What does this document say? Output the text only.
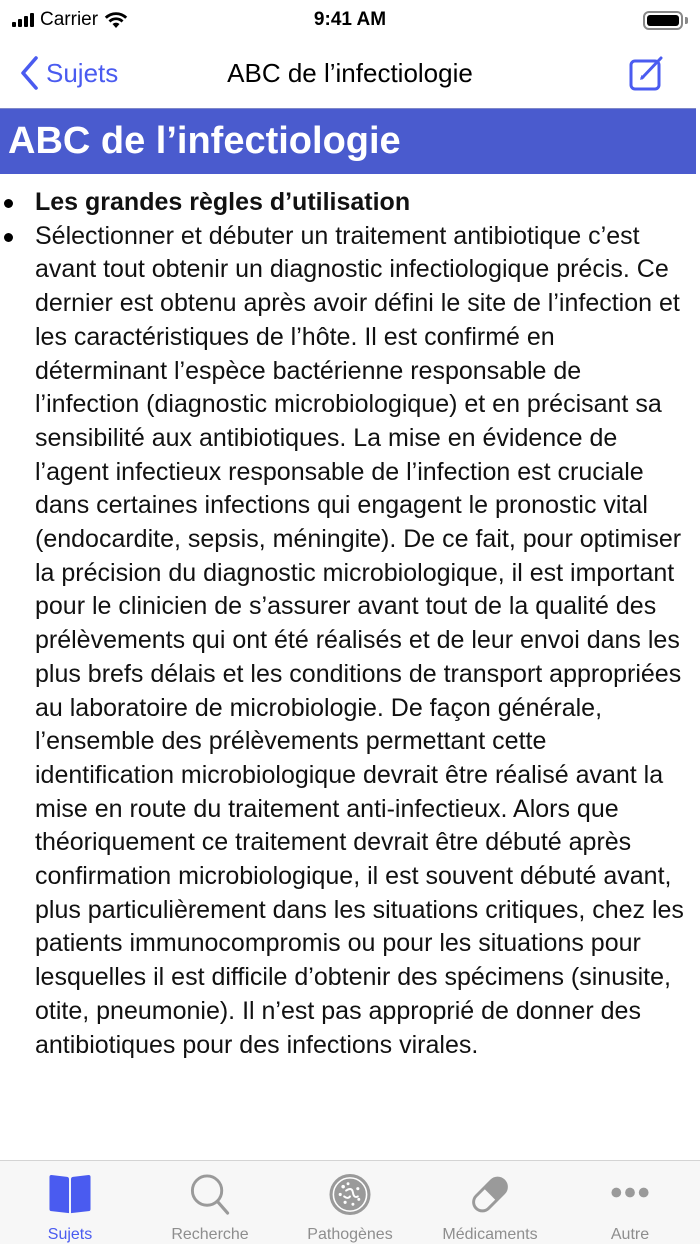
Carrier	9:41 AM
Sujets	ABC de l’infectiologie
ABC de l’infectiologie
Les grandes règles d’utilisation
Sélectionner et débuter un traitement antibiotique c’est avant tout obtenir un diagnostic infectiologique précis. Ce dernier est obtenu après avoir défini le site de l’infection et les caractéristiques de l’hôte. Il est confirmé en déterminant l’espèce bactérienne responsable de l’infection (diagnostic microbiologique) et en précisant sa sensibilité aux antibiotiques. La mise en évidence de l’agent infectieux responsable de l’infection est cruciale dans certaines infections qui engagent le pronostic vital (endocardite, sepsis, méningite). De ce fait, pour optimiser la précision du diagnostic microbiologique, il est important pour le clinicien de s’assurer avant tout de la qualité des prélèvements qui ont été réalisés et de leur envoi dans les plus brefs délais et les conditions de transport appropriées au laboratoire de microbiologie. De façon générale, l’ensemble des prélèvements permettant cette identification microbiologique devrait être réalisé avant la mise en route du traitement anti-infectieux. Alors que théoriquement ce traitement devrait être débuté après confirmation microbiologique, il est souvent débuté avant, plus particulièrement dans les situations critiques, chez les patients immunocompromis ou pour les situations pour lesquelles il est difficile d’obtenir des spécimens (sinusite, otite, pneumonie). Il n’est pas approprié de donner des antibiotiques pour des infections virales.
Sujets	Recherche	Pathogènes	Médicaments	Autre
